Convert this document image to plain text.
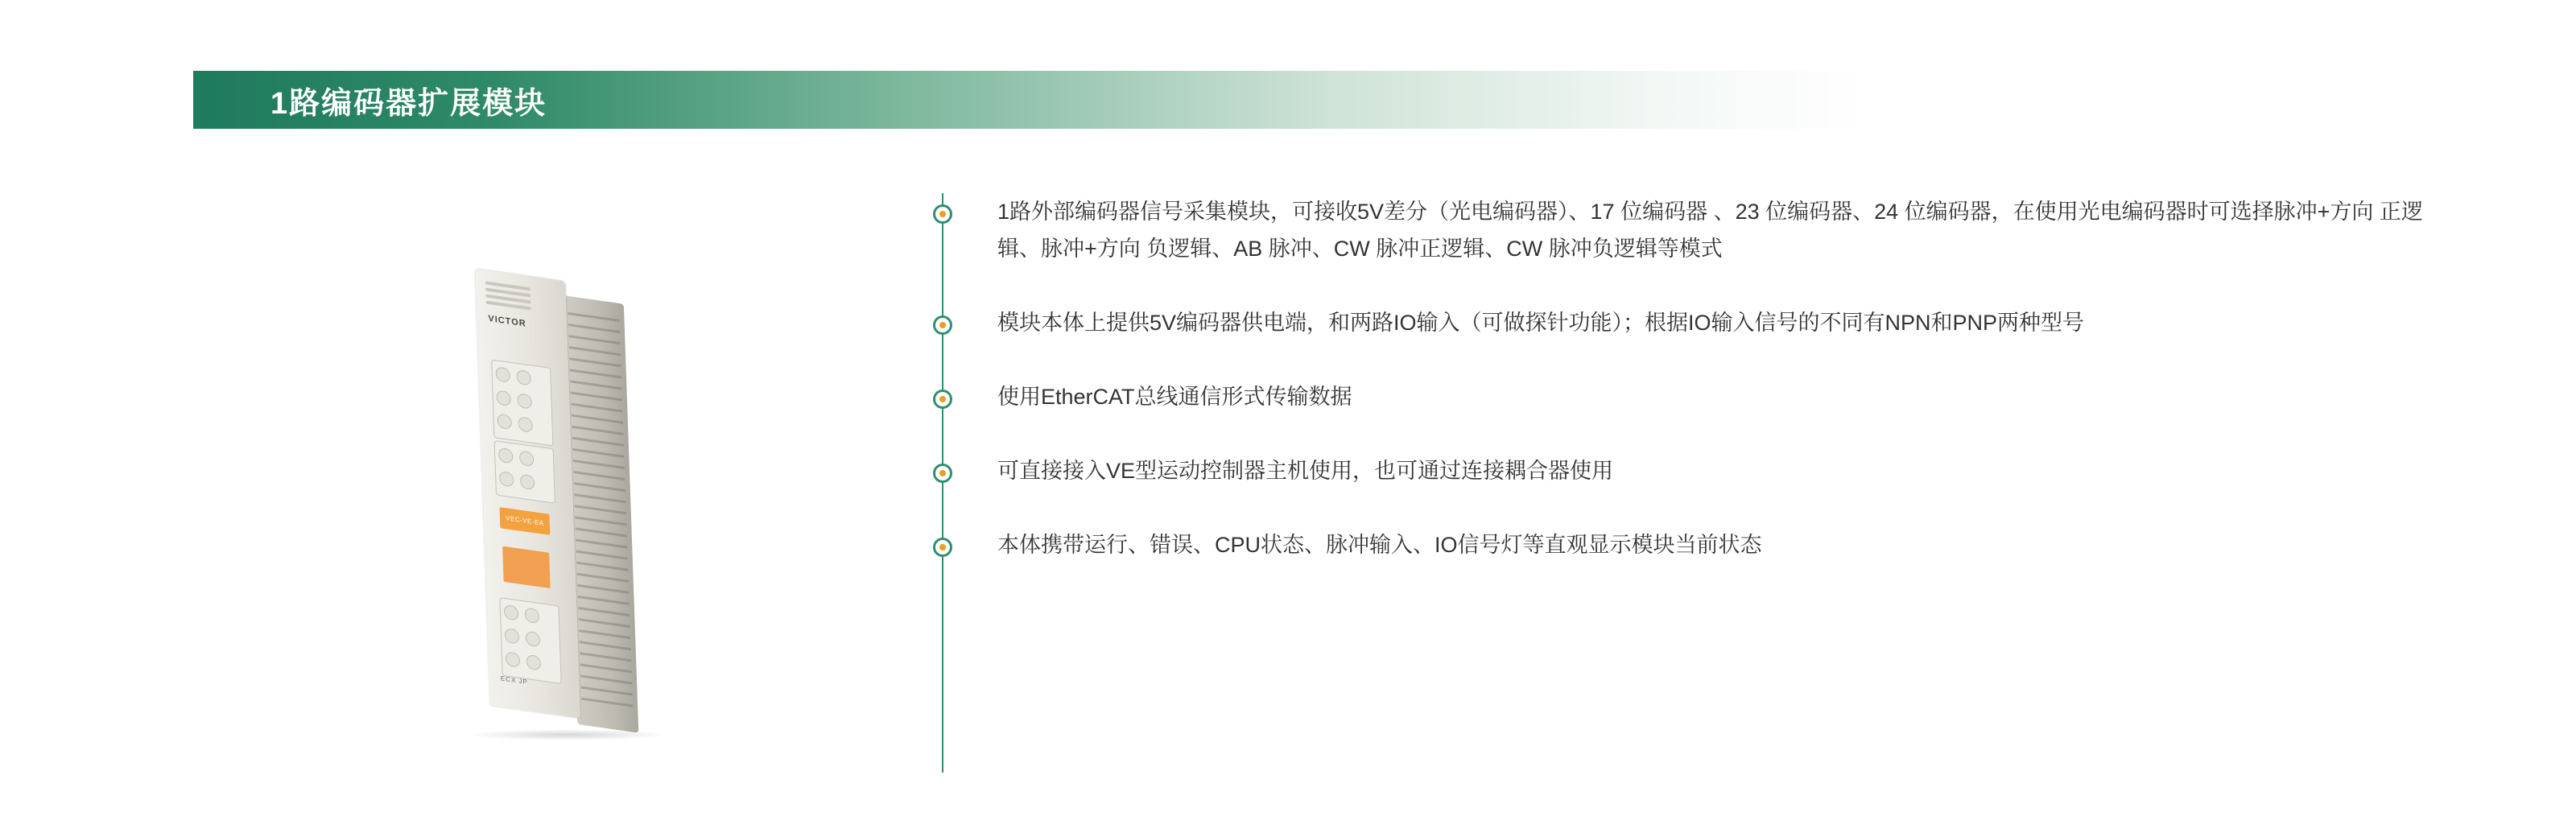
1路编码器扩展模块
VICTOR

VEC-VE-EA

ECX JP
1路外部编码器信号采集模块，可接收5V差分（光电编码器）、17 位编码器 、23 位编码器、24 位编码器，在使用光电编码器时可选择脉冲+方向 正逻辑、脉冲+方向 负逻辑、AB 脉冲、CW 脉冲正逻辑、CW 脉冲负逻辑等模式
模块本体上提供5V编码器供电端，和两路IO输入（可做探针功能）；根据IO输入信号的不同有NPN和PNP两种型号
使用EtherCAT总线通信形式传输数据
可直接接入VE型运动控制器主机使用，也可通过连接耦合器使用
本体携带运行、错误、CPU状态、脉冲输入、IO信号灯等直观显示模块当前状态
